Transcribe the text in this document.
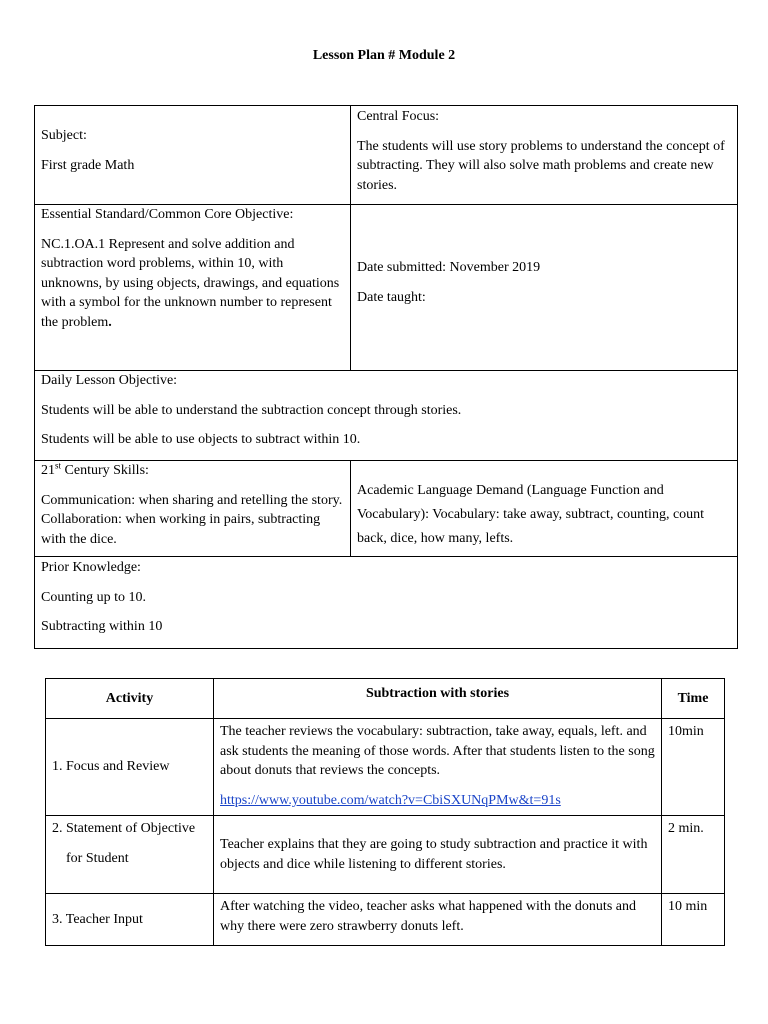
Lesson Plan # Module 2

Subject:

First grade Math

Central Focus:

The students will use story problems to understand the concept of subtracting. They will also solve math problems and create new stories.

Essential Standard/Common Core Objective:

NC.1.OA.1 Represent and solve addition and subtraction word problems, within 10, with unknowns, by using objects, drawings, and equations with a symbol for the unknown number to represent the problem.

Date submitted: November 2019

Date taught:

Daily Lesson Objective:

Students will be able to understand the subtraction concept through stories.

Students will be able to use objects to subtract within 10.

21st Century Skills:

Communication: when sharing and retelling the story. Collaboration: when working in pairs, subtracting with the dice.

Academic Language Demand (Language Function and Vocabulary): Vocabulary: take away, subtract, counting, count back, dice, how many, lefts.

Prior Knowledge:

Counting up to 10.

Subtracting within 10

Activity	Subtraction with stories	Time
1. Focus and Review	The teacher reviews the vocabulary: subtraction, take away, equals, left. and ask students the meaning of those words. After that students listen to the song about donuts that reviews the concepts.

https://www.youtube.com/watch?v=CbiSXUNqPMw&t=91s	10min

2. Statement of Objective

for Student	Teacher explains that they are going to study subtraction and practice it with objects and dice while listening to different stories.	2 min.
3. Teacher Input	After watching the video, teacher asks what happened with the donuts and why there were zero strawberry donuts left.	10 min
